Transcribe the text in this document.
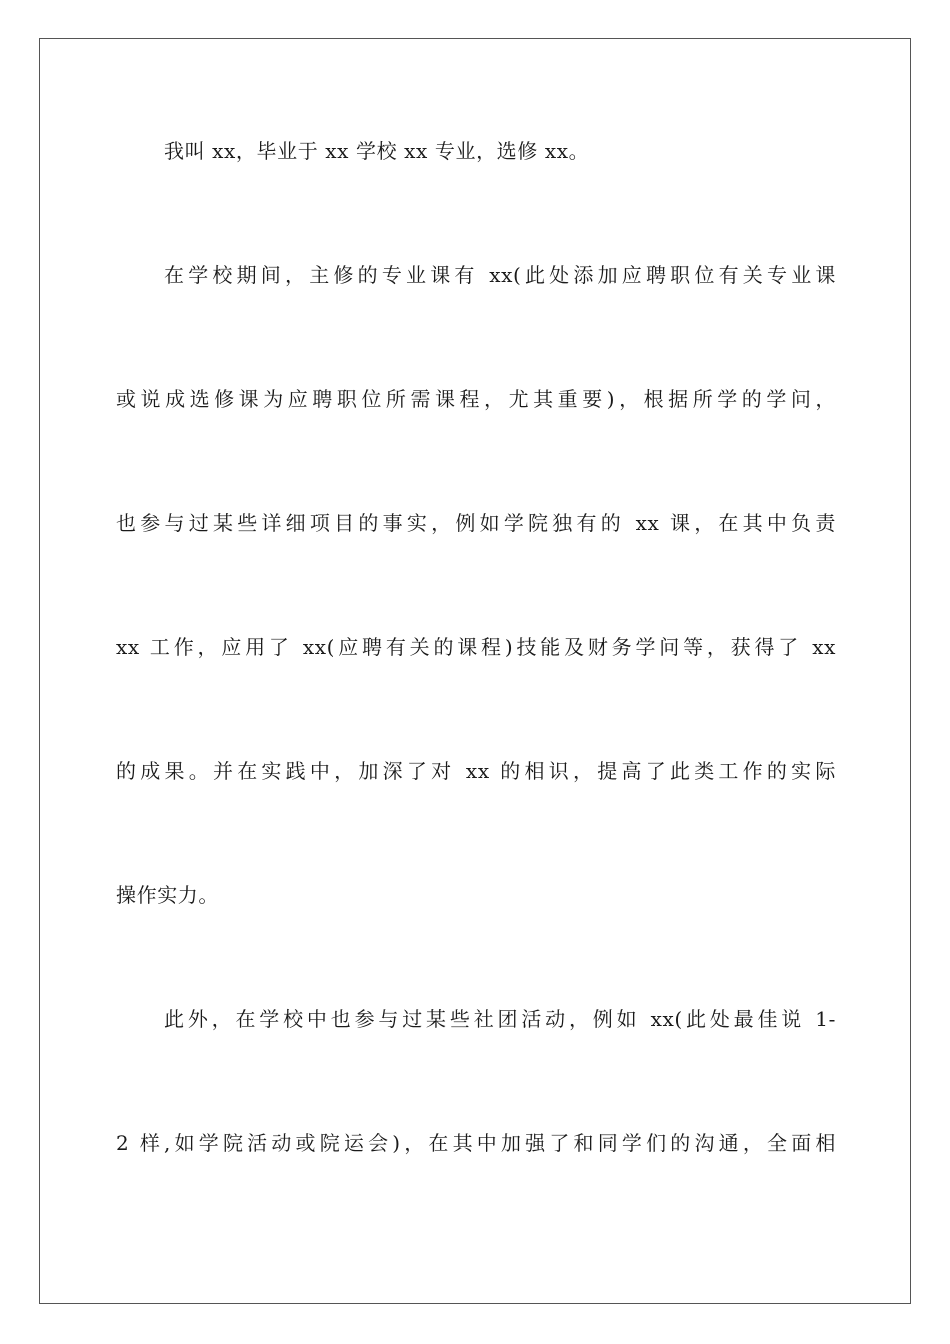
我叫 xx，毕业于 xx 学校 xx 专业，选修 xx。
在学校期间，主修的专业课有 xx(此处添加应聘职位有关专业课
或说成选修课为应聘职位所需课程，尤其重要)，根据所学的学问，
也参与过某些详细项目的事实，例如学院独有的 xx 课，在其中负责
xx 工作，应用了 xx(应聘有关的课程)技能及财务学问等，获得了 xx
的成果。并在实践中，加深了对 xx 的相识，提高了此类工作的实际
操作实力。
此外，在学校中也参与过某些社团活动，例如 xx(此处最佳说 1-
2 样,如学院活动或院运会)，在其中加强了和同学们的沟通，全面相
